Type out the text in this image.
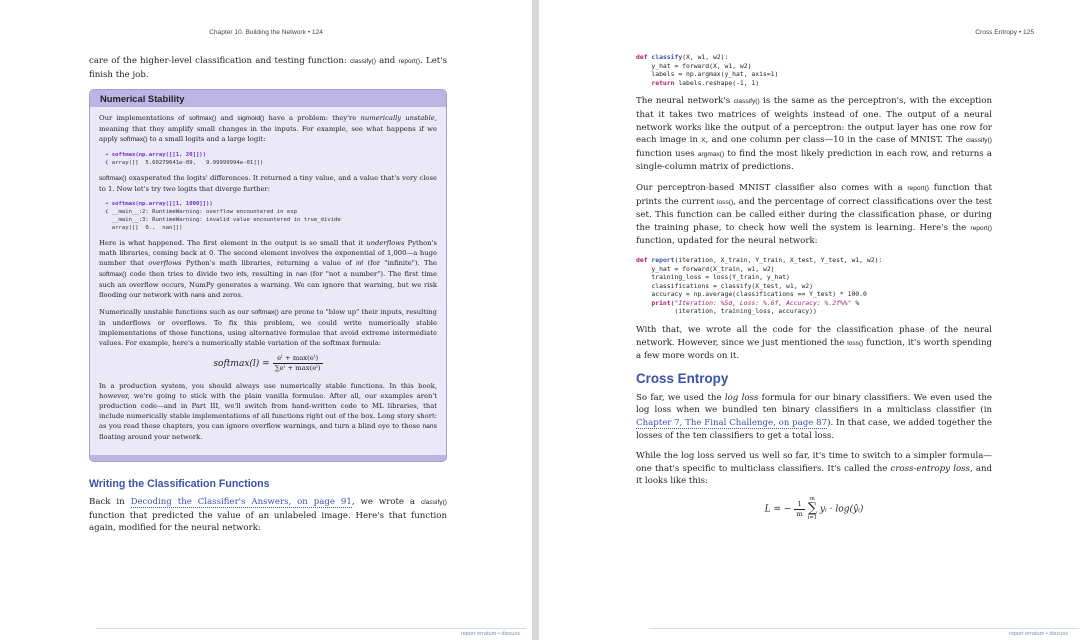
Chapter 10. Building the Network • 124

care of the higher-level classification and testing function: classify() and report(). Let's finish the job.

Numerical Stability

Our implementations of softmax() and sigmoid() have a problem: they're numerically unstable, meaning that they amplify small changes in the inputs. For example, see what happens if we apply softmax() to a small logits and a large logit:

➔ softmax(np.array([[1, 20]]))
❮ array([[  5.60279641e-09,   9.99999994e-01]])

softmax() exasperated the logits' differences. It returned a tiny value, and a value that's very close to 1. Now let's try two logits that diverge further:

➔ softmax(np.array([[1, 1000]]))
❮ __main__:2: RuntimeWarning: overflow encountered in exp
__main__:3: RuntimeWarning: invalid value encountered in true_divide
array([[  0.,  nan]])

Here is what happened. The first element in the output is so small that it underflows Python's math libraries, coming back at 0. The second element involves the exponential of 1,000—a huge number that overflows Python's math libraries, returning a value of inf (for "infinite"). The softmax() code then tries to divide two infs, resulting in nan (for "not a number"). The first time such an overflow occurs, NumPy generates a warning. We can ignore that warning, but we risk flooding our network with nans and zeros.

Numerically unstable functions such as our softmax() are prone to "blow up" their inputs, resulting in underflows or overflows. To fix this problem, we could write numerically stable implementations of those functions, using alternative formulae that avoid extreme intermediate values. For example, here's a numerically stable variation of the softmax formula:

softmax(l) = $\frac{\text{eˡ + max(eˡ)}}{\text{∑eˡ + max(eˡ)}}$

In a production system, you should always use numerically stable functions. In this book, however, we're going to stick with the plain vanilla formulae. After all, our examples aren't production code—and in Part III, we'll switch from hand-written code to ML libraries, that include numerically stable implementations of all functions right out of the box. Long story short: as you read these chapters, you can ignore overflow warnings, and turn a blind eye to those nans floating around your network.

Writing the Classification Functions

Back in Decoding the Classifier's Answers, on page 91, we wrote a classify() function that predicted the value of an unlabeled image. Here's that function again, modified for the neural network:

report erratum • discuss
Cross Entropy • 125
def classify(X, w1, w2):
y_hat = forward(X, w1, w2)
labels = np.argmax(y_hat, axis=1)
return labels.reshape(-1, 1)

The neural network's classify() is the same as the perceptron's, with the exception that it takes two matrices of weights instead of one. The output of a neural network works like the output of a perceptron: the output layer has one row for each image in X, and one column per class—10 in the case of MNIST. The classify() function uses argmax() to find the most likely prediction in each row, and returns a single-column matrix of predictions.

Our perceptron-based MNIST classifier also comes with a report() function that prints the current loss(), and the percentage of correct classifications over the test set. This function can be called either during the classification phase, or during the training phase, to check how well the system is learning. Here's the report() function, updated for the neural network:

def report(iteration, X_train, Y_train, X_test, Y_test, w1, w2):
y_hat = forward(X_train, w1, w2)
training_loss = loss(Y_train, y_hat)
classifications = classify(X_test, w1, w2)
accuracy = np.average(classifications == Y_test) * 100.0
print("Iteration: %5d, Loss: %.6f, Accuracy: %.2f%%" %
(iteration, training_loss, accuracy))

With that, we wrote all the code for the classification phase of the neural network. However, since we just mentioned the loss() function, it's worth spending a few more words on it.

Cross Entropy

So far, we used the log loss formula for our binary classifiers. We even used the log loss when we bundled ten binary classifiers in a multiclass classifier (in Chapter 7, The Final Challenge, on page 87). In that case, we added together the losses of the ten classifiers to get a total loss.

While the log loss served us well so far, it's time to switch to a simpler formula—one that's specific to multiclass classifiers. It's called the cross-entropy loss, and it looks like this:

L = − $\frac{1}{m}$

m
∑
i=1
yᵢ · log(ŷᵢ)
report erratum • discuss
